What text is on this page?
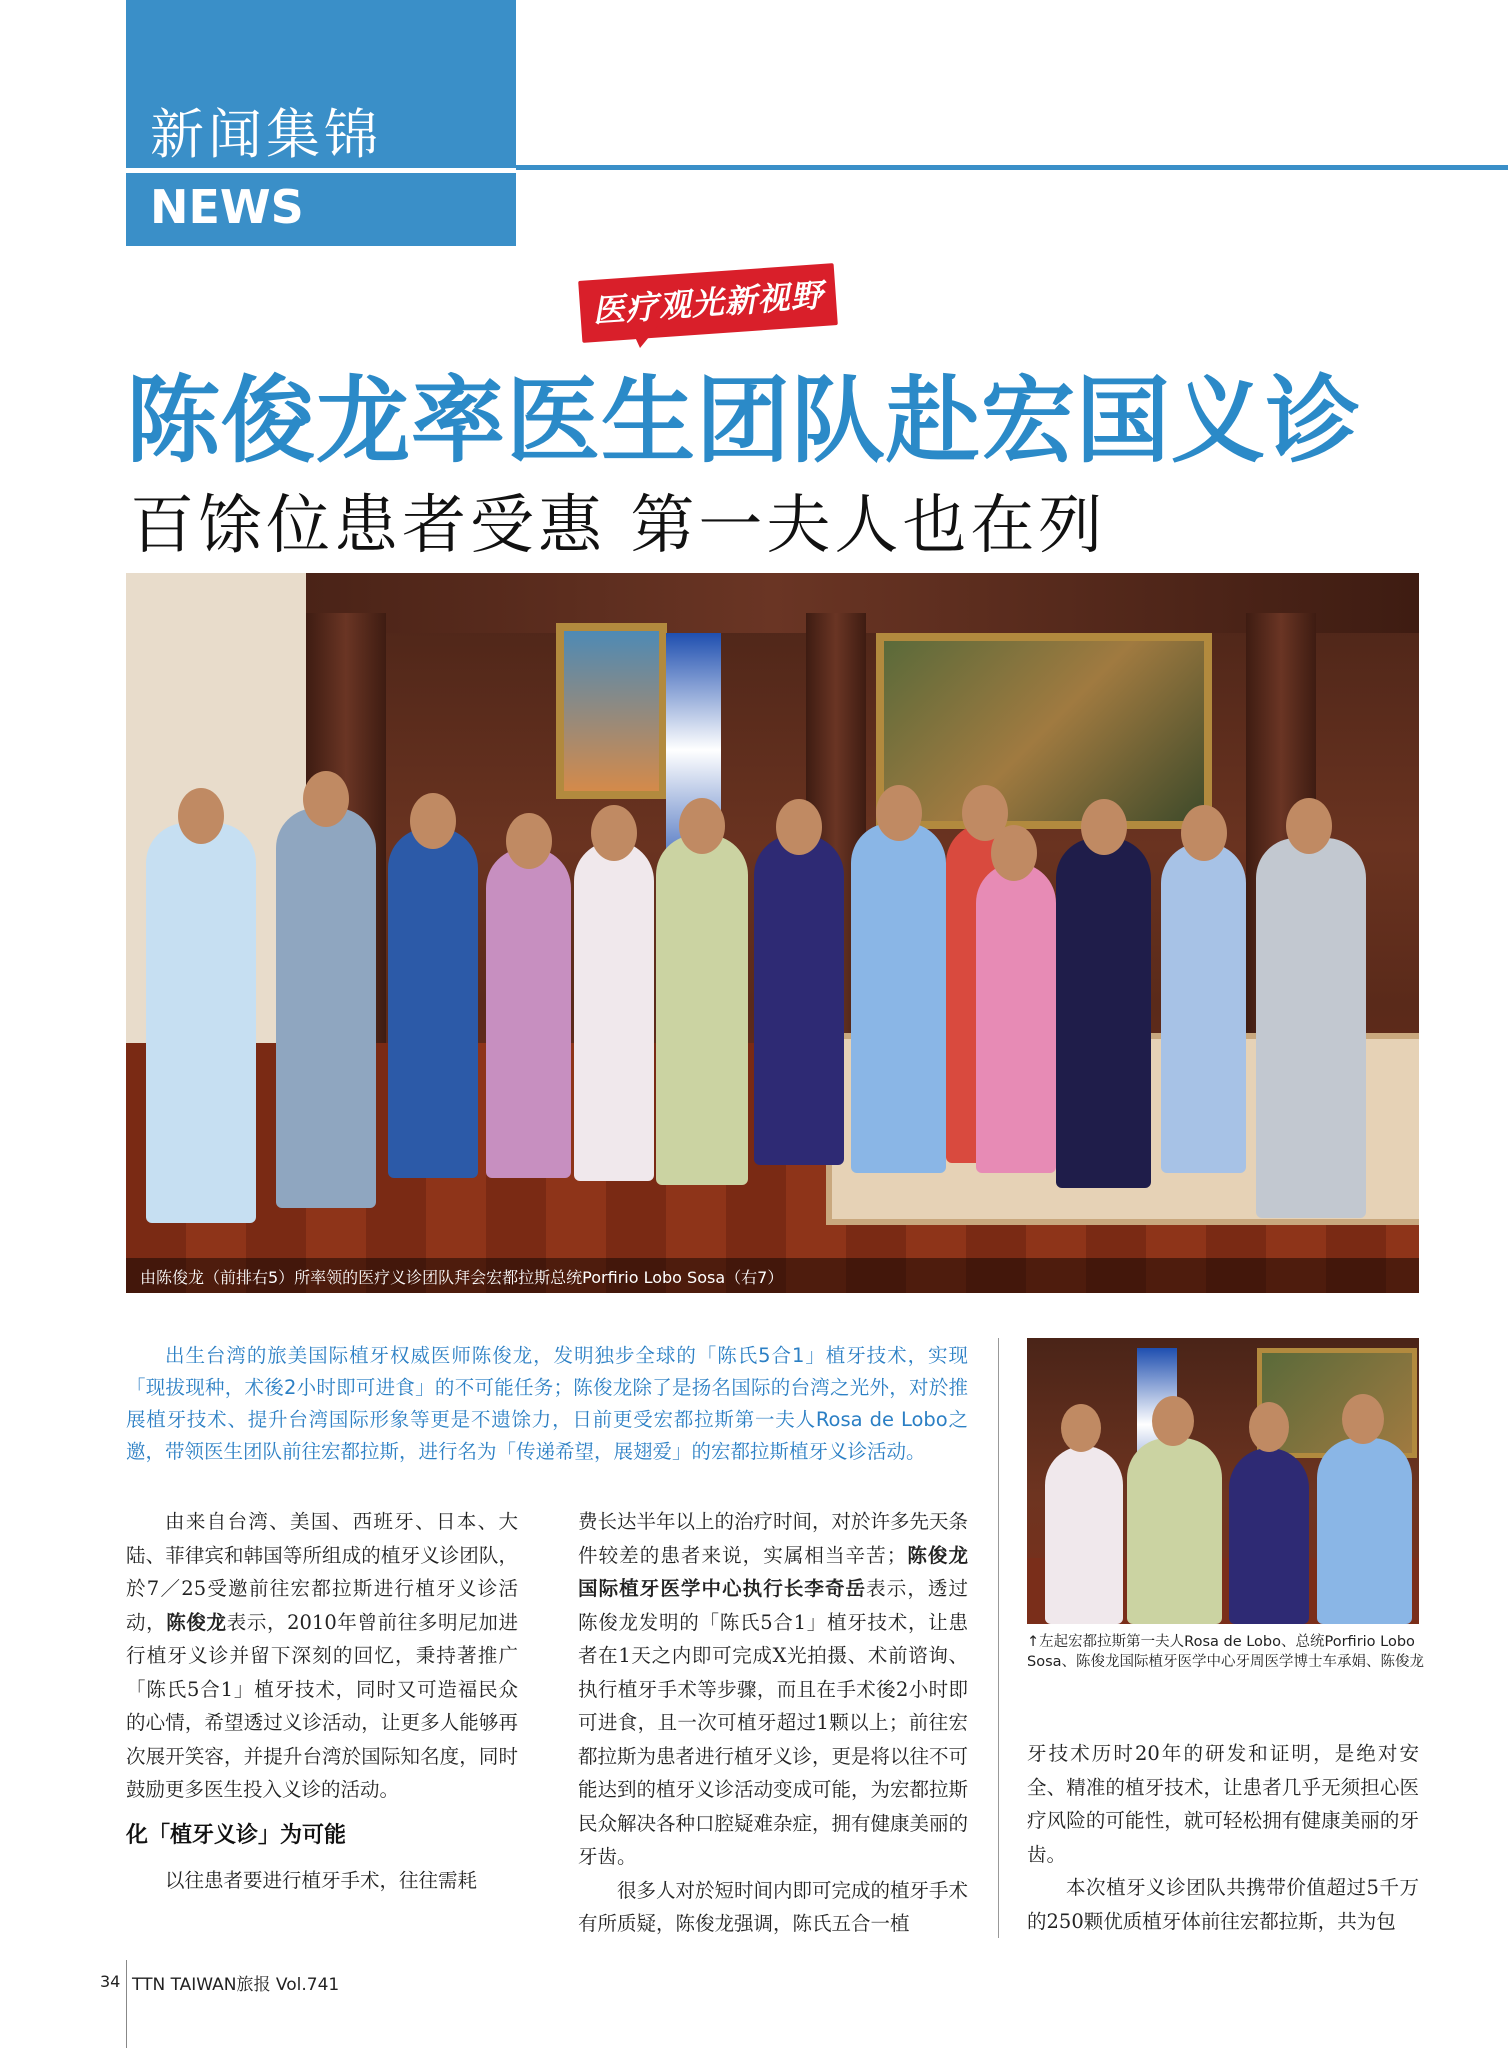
新闻集锦
NEWS
医疗观光新视野
陈俊龙率医生团队赴宏国义诊
百馀位患者受惠 第一夫人也在列
由陈俊龙（前排右5）所率领的医疗义诊团队拜会宏都拉斯总统Porfirio Lobo Sosa（右7）
出生台湾的旅美国际植牙权威医师陈俊龙，发明独步全球的「陈氏5合1」植牙技术，实现「现拔现种，术後2小时即可进食」的不可能任务；陈俊龙除了是扬名国际的台湾之光外，对於推展植牙技术、提升台湾国际形象等更是不遗馀力，日前更受宏都拉斯第一夫人Rosa de Lobo之邀，带领医生团队前往宏都拉斯，进行名为「传递希望，展翅爱」的宏都拉斯植牙义诊活动。

由来自台湾、美国、西班牙、日本、大陆、菲律宾和韩国等所组成的植牙义诊团队，於7／25受邀前往宏都拉斯进行植牙义诊活动，陈俊龙表示，2010年曾前往多明尼加进行植牙义诊并留下深刻的回忆，秉持著推广「陈氏5合1」植牙技术，同时又可造福民众的心情，希望透过义诊活动，让更多人能够再次展开笑容，并提升台湾於国际知名度，同时鼓励更多医生投入义诊的活动。

化「植牙义诊」为可能

以往患者要进行植牙手术，往往需耗

费长达半年以上的治疗时间，对於许多先天条件较差的患者来说，实属相当辛苦；陈俊龙国际植牙医学中心执行长李奇岳表示，透过陈俊龙发明的「陈氏5合1」植牙技术，让患者在1天之内即可完成X光拍摄、术前谘询、执行植牙手术等步骤，而且在手术後2小时即可进食，且一次可植牙超过1颗以上；前往宏都拉斯为患者进行植牙义诊，更是将以往不可能达到的植牙义诊活动变成可能，为宏都拉斯民众解决各种口腔疑难杂症，拥有健康美丽的牙齿。

很多人对於短时间内即可完成的植牙手术有所质疑，陈俊龙强调，陈氏五合一植

↑左起宏都拉斯第一夫人Rosa de Lobo、总统Porfirio Lobo Sosa、陈俊龙国际植牙医学中心牙周医学博士车承娟、陈俊龙

牙技术历时20年的研发和证明，是绝对安全、精准的植牙技术，让患者几乎无须担心医疗风险的可能性，就可轻松拥有健康美丽的牙齿。

本次植牙义诊团队共携带价值超过5千万的250颗优质植牙体前往宏都拉斯，共为包

34 TTN TAIWAN旅报 Vol.741
